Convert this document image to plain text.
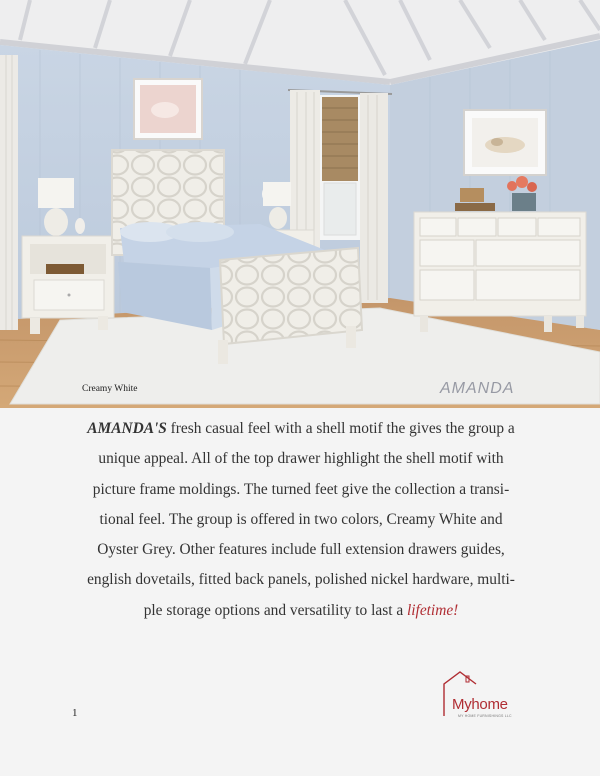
Creamy White	AMANDA
AMANDA'S fresh casual feel with a shell motif the gives the group a
unique appeal. All of the top drawer highlight the shell motif with
picture frame moldings. The turned feet give the collection a transi-
tional feel. The group is offered in two colors, Creamy White and
Oyster Grey. Other features include full extension drawers guides,
english dovetails, fitted back panels, polished nickel hardware, multi-
ple storage options and versatility to last a lifetime!
1	Myhome
MY HOME FURNISHINGS LLC
